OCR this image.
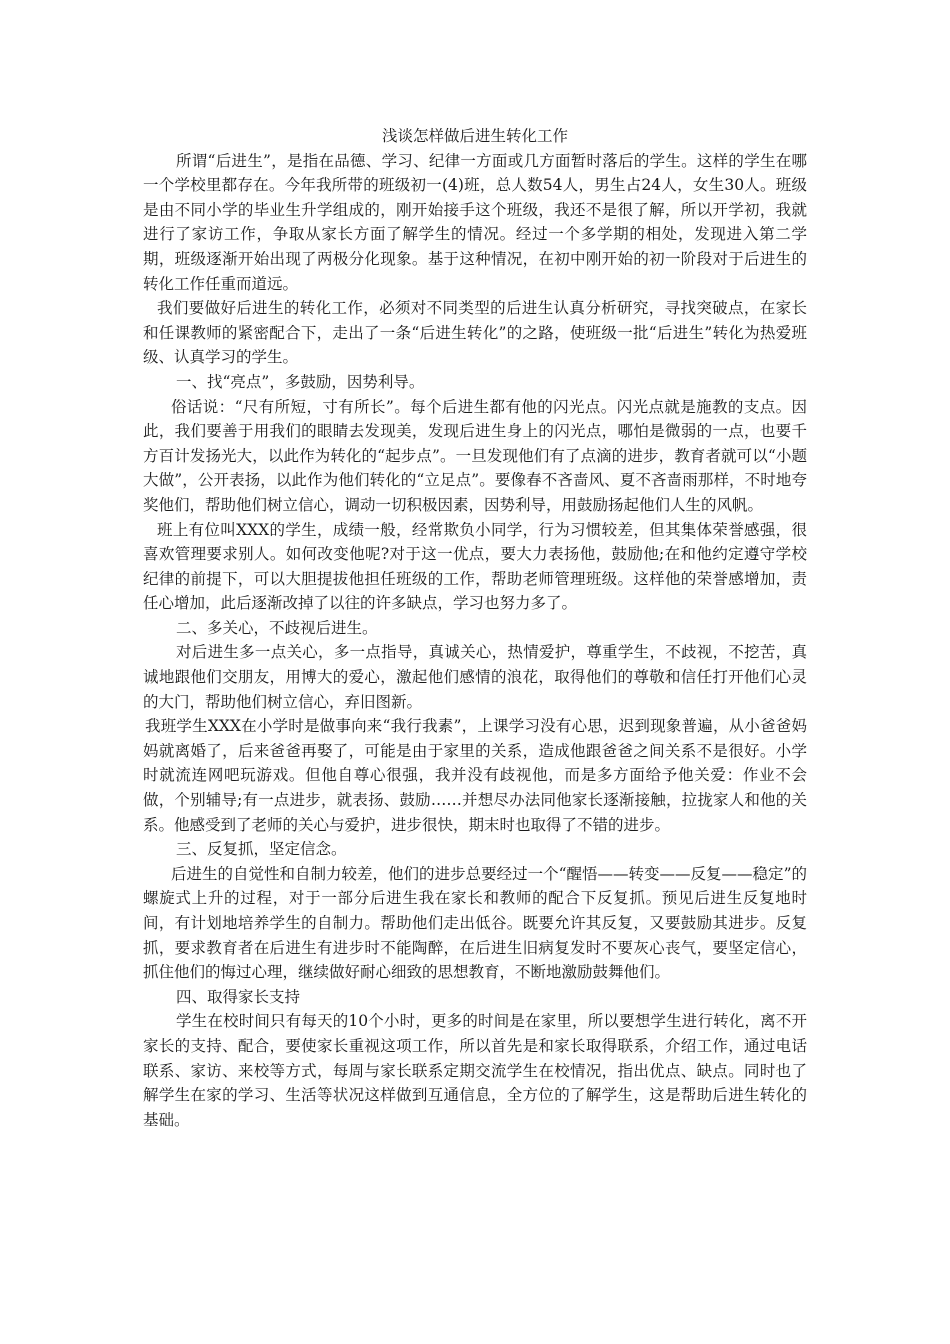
浅谈怎样做后进生转化工作

所谓“后进生”，是指在品德、学习、纪律一方面或几方面暂时落后的学生。这样的学生在哪一个学校里都存在。今年我所带的班级初一(4)班，总人数54人，男生占24人，女生30人。班级是由不同小学的毕业生升学组成的，刚开始接手这个班级，我还不是很了解，所以开学初，我就进行了家访工作，争取从家长方面了解学生的情况。经过一个多学期的相处，发现进入第二学期，班级逐渐开始出现了两极分化现象。基于这种情况，在初中刚开始的初一阶段对于后进生的转化工作任重而道远。

我们要做好后进生的转化工作，必须对不同类型的后进生认真分析研究，寻找突破点，在家长和任课教师的紧密配合下，走出了一条“后进生转化”的之路，使班级一批“后进生”转化为热爱班级、认真学习的学生。

一、找“亮点”，多鼓励，因势利导。

俗话说：“尺有所短，寸有所长”。每个后进生都有他的闪光点。闪光点就是施教的支点。因此，我们要善于用我们的眼睛去发现美，发现后进生身上的闪光点，哪怕是微弱的一点，也要千方百计发扬光大，以此作为转化的“起步点”。一旦发现他们有了点滴的进步，教育者就可以“小题大做”，公开表扬，以此作为他们转化的“立足点”。要像春不吝啬风、夏不吝啬雨那样，不时地夸奖他们，帮助他们树立信心，调动一切积极因素，因势利导，用鼓励扬起他们人生的风帆。

班上有位叫XXX的学生，成绩一般，经常欺负小同学，行为习惯较差，但其集体荣誉感强，很喜欢管理要求别人。如何改变他呢?对于这一优点，要大力表扬他，鼓励他;在和他约定遵守学校纪律的前提下，可以大胆提拔他担任班级的工作，帮助老师管理班级。这样他的荣誉感增加，责任心增加，此后逐渐改掉了以往的许多缺点，学习也努力多了。

二、多关心，不歧视后进生。

对后进生多一点关心，多一点指导，真诚关心，热情爱护，尊重学生，不歧视，不挖苦，真诚地跟他们交朋友，用博大的爱心，激起他们感情的浪花，取得他们的尊敬和信任打开他们心灵的大门，帮助他们树立信心，弃旧图新。

我班学生XXX在小学时是做事向来“我行我素”，上课学习没有心思，迟到现象普遍，从小爸爸妈妈就离婚了，后来爸爸再娶了，可能是由于家里的关系，造成他跟爸爸之间关系不是很好。小学时就流连网吧玩游戏。但他自尊心很强，我并没有歧视他，而是多方面给予他关爱：作业不会做，个别辅导;有一点进步，就表扬、鼓励……并想尽办法同他家长逐渐接触，拉拢家人和他的关系。他感受到了老师的关心与爱护，进步很快，期末时也取得了不错的进步。

三、反复抓，坚定信念。

后进生的自觉性和自制力较差，他们的进步总要经过一个“醒悟——转变——反复——稳定”的螺旋式上升的过程，对于一部分后进生我在家长和教师的配合下反复抓。预见后进生反复地时间，有计划地培养学生的自制力。帮助他们走出低谷。既要允许其反复，又要鼓励其进步。反复抓，要求教育者在后进生有进步时不能陶醉，在后进生旧病复发时不要灰心丧气，要坚定信心，抓住他们的悔过心理，继续做好耐心细致的思想教育，不断地激励鼓舞他们。

四、取得家长支持

学生在校时间只有每天的10个小时，更多的时间是在家里，所以要想学生进行转化，离不开家长的支持、配合，要使家长重视这项工作，所以首先是和家长取得联系，介绍工作，通过电话联系、家访、来校等方式，每周与家长联系定期交流学生在校情况，指出优点、缺点。同时也了解学生在家的学习、生活等状况这样做到互通信息，全方位的了解学生，这是帮助后进生转化的基础。
